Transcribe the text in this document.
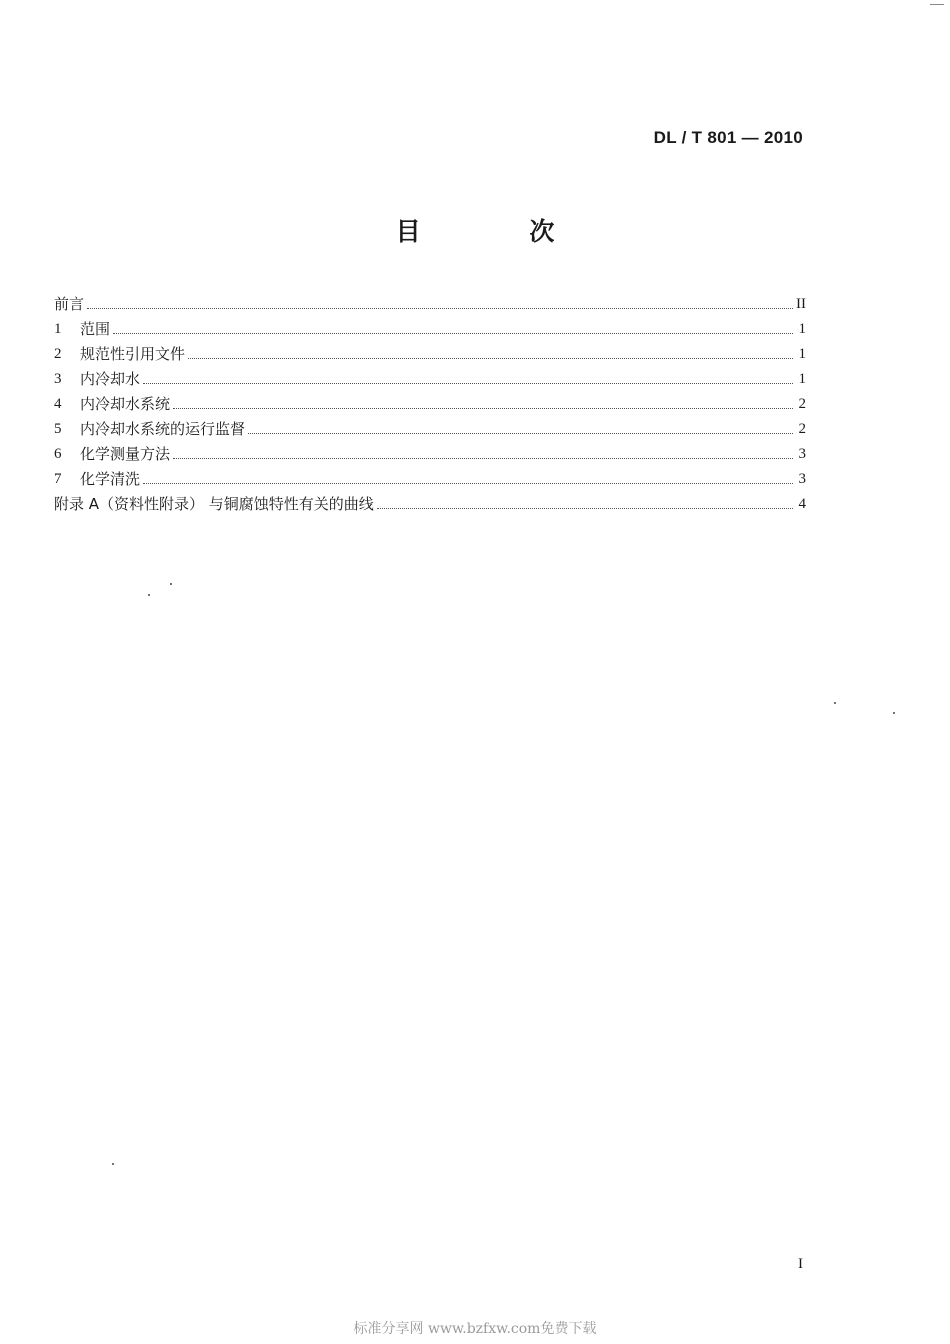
DL / T 801 — 2010
目 次
前言	II
1	范围	1
2	规范性引用文件	1
3	内冷却水	1
4	内冷却水系统	2
5	内冷却水系统的运行监督	2
6	化学测量方法	3
7	化学清洗	3
附录 A（资料性附录） 与铜腐蚀特性有关的曲线	4
I
标准分享网 www.bzfxw.com免费下载
